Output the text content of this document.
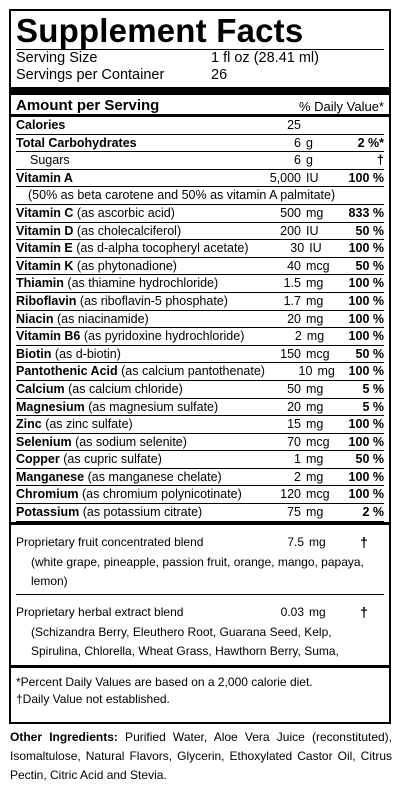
Supplement Facts
Serving Size	1 fl oz (28.41 ml)
Servings per Container	26
Amount per Serving	% Daily Value*
Calories	25
Total Carbohydrates	6 g	2 %*
Sugars	6 g	†
Vitamin A	5,000 IU	100 %
(50% as beta carotene and 50% as vitamin A palmitate)
Vitamin C (as ascorbic acid)	500 mg	833 %
Vitamin D (as cholecalciferol)	200 IU	50 %
Vitamin E (as d-alpha tocopheryl acetate)	30 IU	100 %
Vitamin K (as phytonadione)	40 mcg	50 %
Thiamin (as thiamine hydrochloride)	1.5 mg	100 %
Riboflavin (as riboflavin-5 phosphate)	1.7 mg	100 %
Niacin (as niacinamide)	20 mg	100 %
Vitamin B6 (as pyridoxine hydrochloride)	2 mg	100 %
Biotin (as d-biotin)	150 mcg	50 %
Pantothenic Acid (as calcium pantothenate)	10 mg	100 %
Calcium (as calcium chloride)	50 mg	5 %
Magnesium (as magnesium sulfate)	20 mg	5 %
Zinc (as zinc sulfate)	15 mg	100 %
Selenium (as sodium selenite)	70 mcg	100 %
Copper (as cupric sulfate)	1 mg	50 %
Manganese (as manganese chelate)	2 mg	100 %
Chromium (as chromium polynicotinate)	120 mcg	100 %
Potassium (as potassium citrate)	75 mg	2 %
Proprietary fruit concentrated blend	7.5 mg	†
(white grape, pineapple, passion fruit, orange, mango, papaya,
lemon)
Proprietary herbal extract blend	0.03 mg	†
(Schizandra Berry, Eleuthero Root, Guarana Seed, Kelp,
Spirulina, Chlorella, Wheat Grass, Hawthorn Berry, Suma,
*Percent Daily Values are based on a 2,000 calorie diet.
†Daily Value not established.
Other Ingredients: Purified Water, Aloe Vera Juice (reconstituted), Isomaltulose, Natural Flavors, Glycerin, Ethoxylated Castor Oil, Citrus Pectin, Citric Acid and Stevia.
